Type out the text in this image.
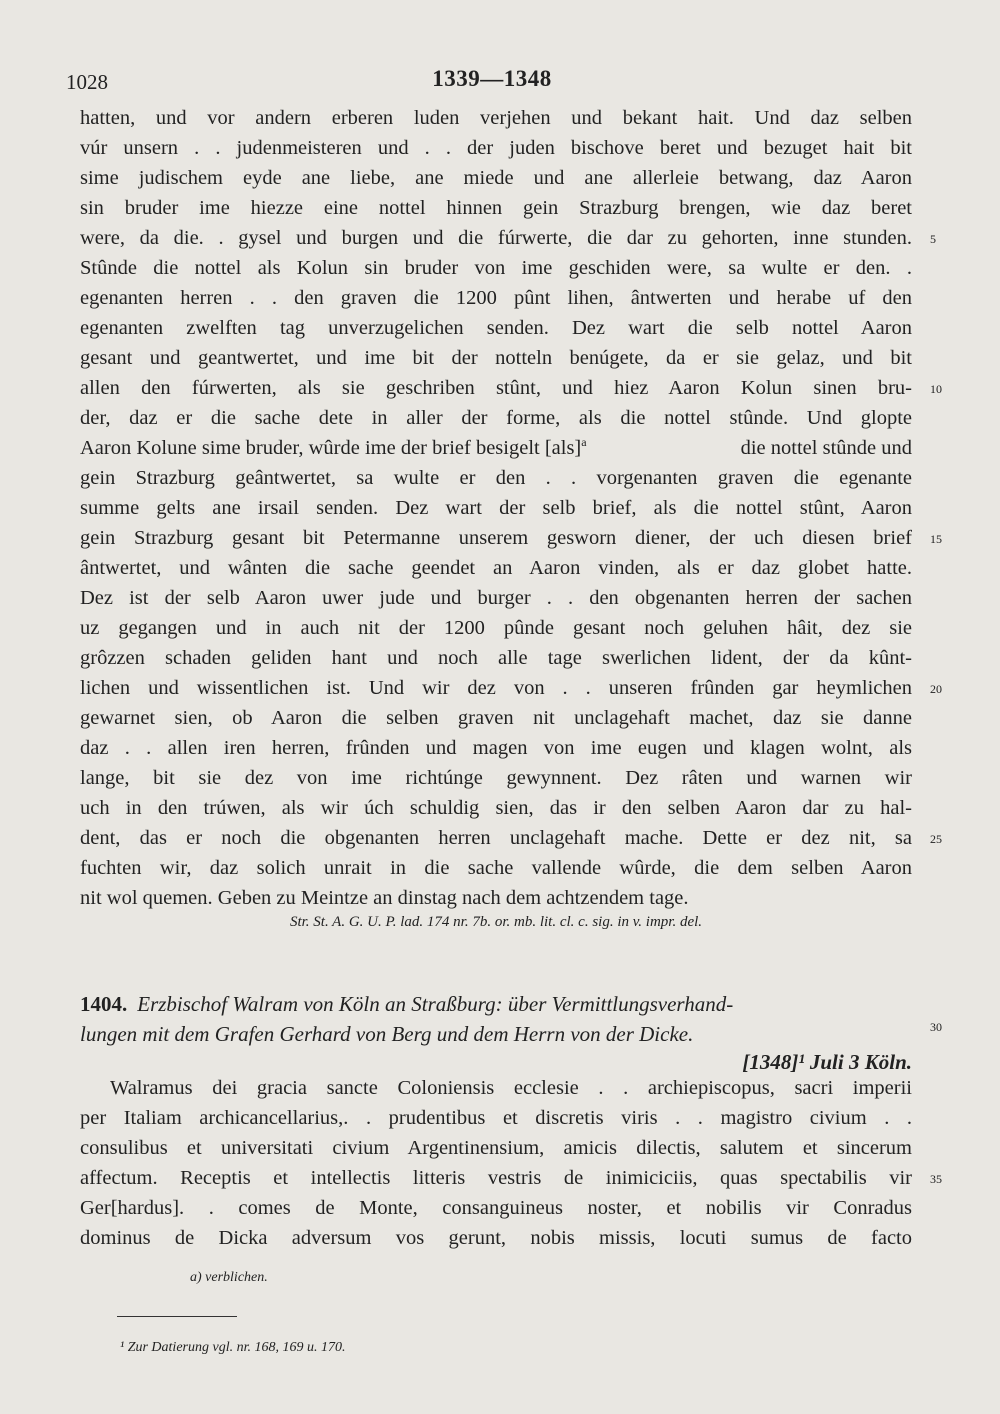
1028	1339—1348
hatten, und vor andern erberen luden verjehen und bekant hait. Und daz selben
vúr unsern . . judenmeisteren und . . der juden bischove beret und bezuget hait bit
sime judischem eyde ane liebe, ane miede und ane allerleie betwang, daz Aaron
sin bruder ime hiezze eine nottel hinnen gein Strazburg brengen, wie daz beret
were, da die. . gysel und burgen und die fúrwerte, die dar zu gehorten, inne stunden.
Stûnde die nottel als Kolun sin bruder von ime geschiden were, sa wulte er den. .
egenanten herren . . den graven die 1200 pûnt lihen, ântwerten und herabe uf den
egenanten zwelften tag unverzugelichen senden. Dez wart die selb nottel Aaron
gesant und geantwertet, und ime bit der notteln benúgete, da er sie gelaz, und bit
allen den fúrwerten, als sie geschriben stûnt, und hiez Aaron Kolun sinen bru-
der, daz er die sache dete in aller der forme, als die nottel stûnde. Und glopte
Aaron Kolune sime bruder, wûrde ime der brief besigelt [als]$^a$	die nottel stûnde und
gein Strazburg geântwertet, sa wulte er den . . vorgenanten graven die egenante
summe gelts ane irsail senden. Dez wart der selb brief, als die nottel stûnt, Aaron
gein Strazburg gesant bit Petermanne unserem gesworn diener, der uch diesen brief
ântwertet, und wânten die sache geendet an Aaron vinden, als er daz globet hatte.
Dez ist der selb Aaron uwer jude und burger . . den obgenanten herren der sachen
uz gegangen und in auch nit der 1200 pûnde gesant noch geluhen hâit, dez sie
grôzzen schaden geliden hant und noch alle tage swerlichen lident, der da kûnt-
lichen und wissentlichen ist. Und wir dez von . . unseren frûnden gar heymlichen
gewarnet sien, ob Aaron die selben graven nit unclagehaft machet, daz sie danne
daz . . allen iren herren, frûnden und magen von ime eugen und klagen wolnt, als
lange, bit sie dez von ime richtúnge gewynnent. Dez râten und warnen wir
uch in den trúwen, als wir úch schuldig sien, das ir den selben Aaron dar zu hal-
dent, das er noch die obgenanten herren unclagehaft mache. Dette er dez nit, sa
fuchten wir, daz solich unrait in die sache vallende wûrde, die dem selben Aaron
nit wol quemen. Geben zu Meintze an dinstag nach dem achtzendem tage.
5
10
15
20
25
Str. St. A. G. U. P. lad. 174 nr. 7b. or. mb. lit. cl. c. sig. in v. impr. del.
1404. Erzbischof Walram von Köln an Straßburg: über Vermittlungsverhand-
lungen mit dem Grafen Gerhard von Berg und dem Herrn von der Dicke.
[1348]¹ Juli 3 Köln.
30
Walramus dei gracia sancte Coloniensis ecclesie . . archiepiscopus, sacri imperii
per Italiam archicancellarius,. . prudentibus et discretis viris . . magistro civium . .
consulibus et universitati civium Argentinensium, amicis dilectis, salutem et sincerum
affectum. Receptis et intellectis litteris vestris de inimiciciis, quas spectabilis vir
Ger[hardus]. . comes de Monte, consanguineus noster, et nobilis vir Conradus
dominus de Dicka adversum vos gerunt, nobis missis, locuti sumus de facto
35
a) verblichen.
¹ Zur Datierung vgl. nr. 168, 169 u. 170.
